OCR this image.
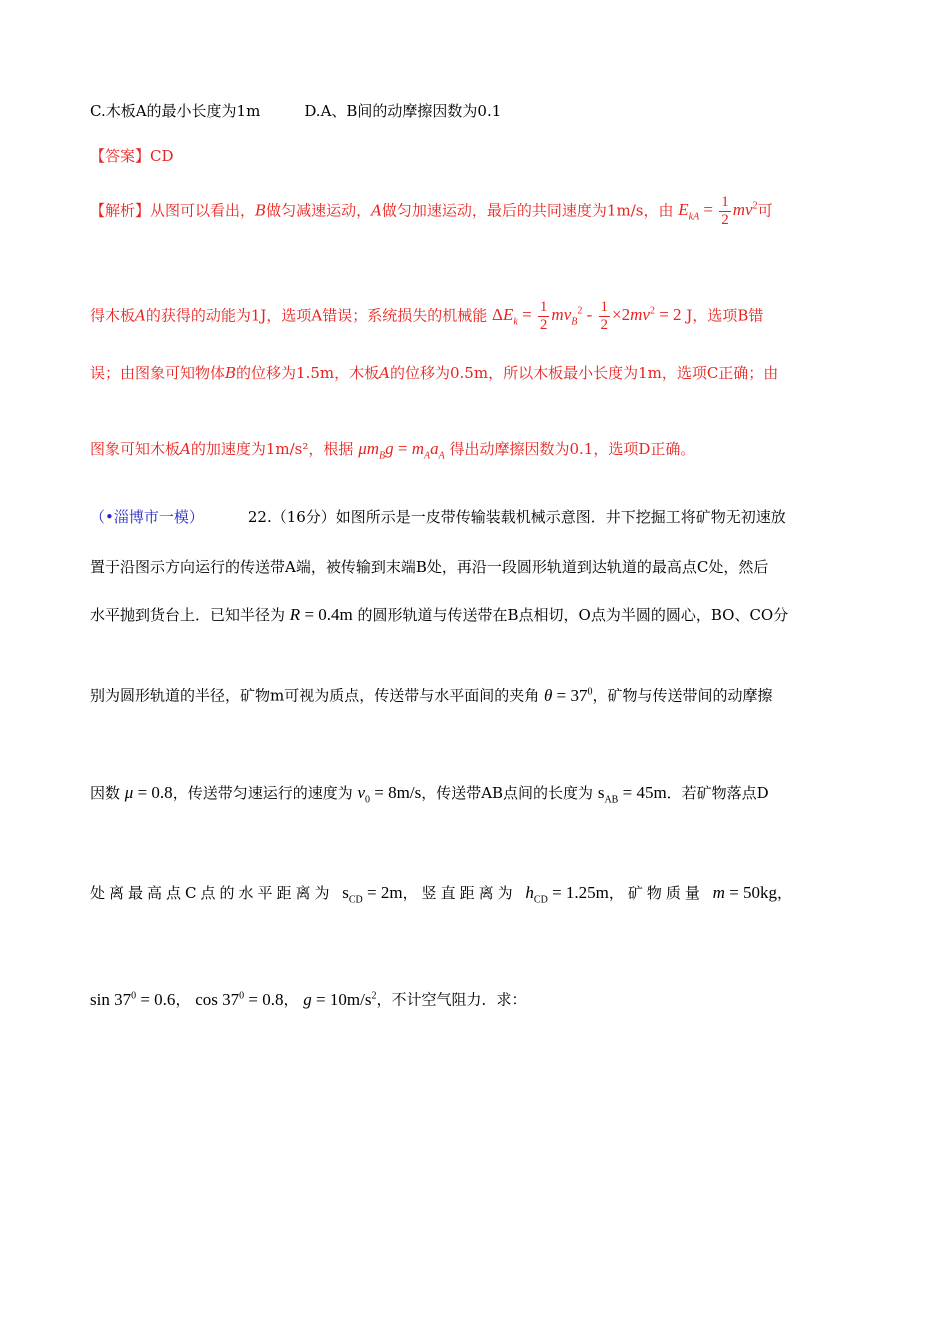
C.木板A的最小长度为1m	D.A、B间的动摩擦因数为0.1
【答案】CD
【解析】从图可以看出，B做匀减速运动，A做匀加速运动，最后的共同速度为1m/s，由 $E_{kA} = \frac{1}{2} mv^2$可
得木板A的获得的动能为1J，选项A错误；系统损失的机械能 $\Delta E_k = \frac{1}{2} mv_B^2 - \frac{1}{2} \times 2mv^2 = 2$ J，选项B错
误；由图象可知物体B的位移为1.5m，木板A的位移为0.5m，所以木板最小长度为1m，选项C正确；由
图象可知木板A的加速度为1m/s²，根据 $\mu m_Bg = m_Aa_A$ 得出动摩擦因数为0.1，选项D正确。
（•淄博市一模）	22.（16分）如图所示是一皮带传输装载机械示意图．井下挖掘工将矿物无初速放
置于沿图示方向运行的传送带A端，被传输到末端B处，再沿一段圆形轨道到达轨道的最高点C处，然后
水平抛到货台上．已知半径为 R = 0.4m 的圆形轨道与传送带在B点相切，O点为半圆的圆心，BO、CO分
别为圆形轨道的半径，矿物m可视为质点，传送带与水平面间的夹角 $\theta = 37^0$，矿物与传送带间的动摩擦
因数 μ = 0.8，传送带匀速运行的速度为 $v_0 = 8m/s$，传送带AB点间的长度为 $s_{AB} = 45m$．若矿物落点D
处离最高点C点的水平距离为 $s_{CD} = 2m$，竖直距离为 $h_{CD} = 1.25m$，矿物质量 m = 50kg，
$\sin 37^0 = 0.6$， $\cos 37^0 = 0.8$， $g = 10m/s^2$，不计空气阻力．求：
